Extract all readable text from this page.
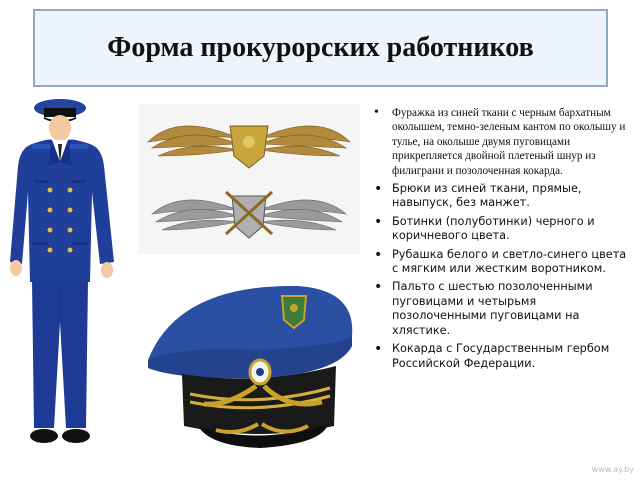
Форма прокурорских работников
• Фуражка из синей ткани с черным бархатным околышем, темно-зеленым кантом по околышу и тулье, на околыше двумя пуговицами прикрепляется двойной плетеный шнур из филиграни и позолоченная кокарда.
• Брюки из синей ткани, прямые, навыпуск, без манжет.
• Ботинки (полуботинки) черного и коричневого цвета.
• Рубашка белого и светло-синего цвета с мягким или жестким воротником.
• Пальто с шестью позолоченными пуговицами и четырьмя позолоченными пуговицами на хлястике.
• Кокарда с Государственным гербом Российской Федерации.
www.ay.by
